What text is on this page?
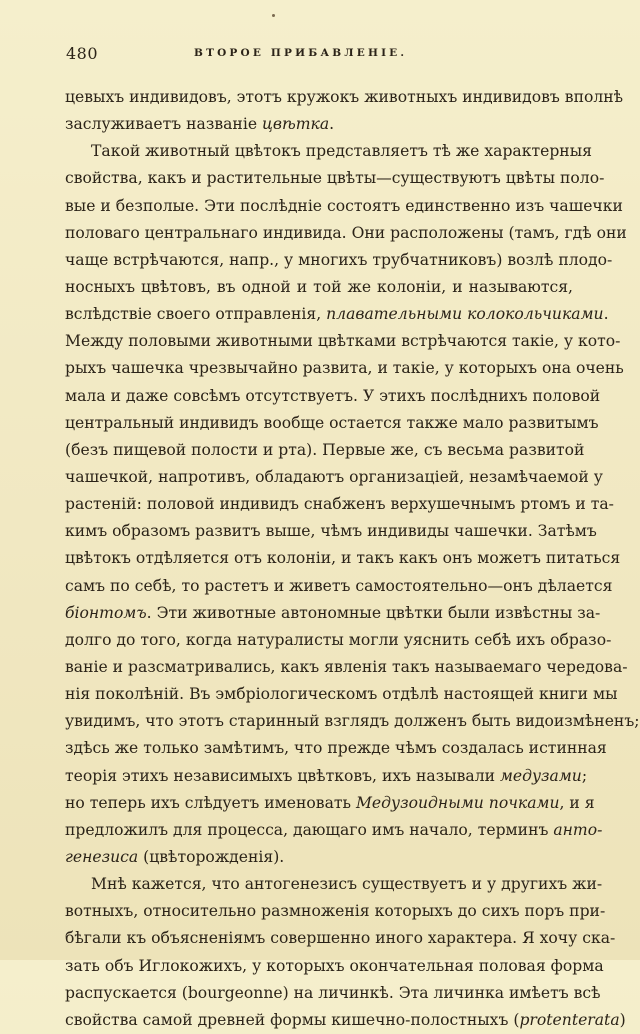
480	ВТОРОЕ ПРИБАВЛЕНІЕ.
цевыхъ индивидовъ, этотъ кружокъ животныхъ индивидовъ вполнѣ
заслуживаетъ названіе цвѣтка.
Такой животный цвѣтокъ представляетъ тѣ же характерныя
свойства, какъ и растительные цвѣты—существуютъ цвѣты поло-
вые и безполые. Эти послѣдніе состоятъ единственно изъ чашечки
половаго центральнаго индивида. Они расположены (тамъ, гдѣ они
чаще встрѣчаются, напр., у многихъ трубчатниковъ) возлѣ плодо-
носныхъ цвѣтовъ, въ одной и той же колоніи, и называются,
вслѣдствіе своего отправленія, плавательными колокольчиками.
Между половыми животными цвѣтками встрѣчаются такіе, у кото-
рыхъ чашечка чрезвычайно развита, и такіе, у которыхъ она очень
мала и даже совсѣмъ отсутствуетъ. У этихъ послѣднихъ половой
центральный индивидъ вообще остается также мало развитымъ
(безъ пищевой полости и рта). Первые же, съ весьма развитой
чашечкой, напротивъ, обладаютъ организаціей, незамѣчаемой у
растеній: половой индивидъ снабженъ верхушечнымъ ртомъ и та-
кимъ образомъ развитъ выше, чѣмъ индивиды чашечки. Затѣмъ
цвѣтокъ отдѣляется отъ колоніи, и такъ какъ онъ можетъ питаться
самъ по себѣ, то растетъ и живетъ самостоятельно—онъ дѣлается
біонтомъ. Эти животные автономные цвѣтки были извѣстны за-
долго до того, когда натуралисты могли уяснить себѣ ихъ образо-
ваніе и разсматривались, какъ явленія такъ называемаго чередова-
нія поколѣній. Въ эмбріологическомъ отдѣлѣ настоящей книги мы
увидимъ, что этотъ старинный взглядъ долженъ быть видоизмѣненъ;
здѣсь же только замѣтимъ, что прежде чѣмъ создалась истинная
теорія этихъ независимыхъ цвѣтковъ, ихъ называли медузами;
но теперь ихъ слѣдуетъ именовать Медузоидными почками, и я
предложилъ для процесса, дающаго имъ начало, терминъ анто-
генезиса (цвѣторожденія).
Мнѣ кажется, что антогенезисъ существуетъ и у другихъ жи-
вотныхъ, относительно размноженія которыхъ до сихъ поръ при-
бѣгали къ объясненіямъ совершенно иного характера. Я хочу ска-
зать объ Иглокожихъ, у которыхъ окончательная половая форма
распускается (bourgeonne) на личинкѣ. Эта личинка имѣетъ всѣ
свойства самой древней формы кишечно-полостныхъ (protenterata)
